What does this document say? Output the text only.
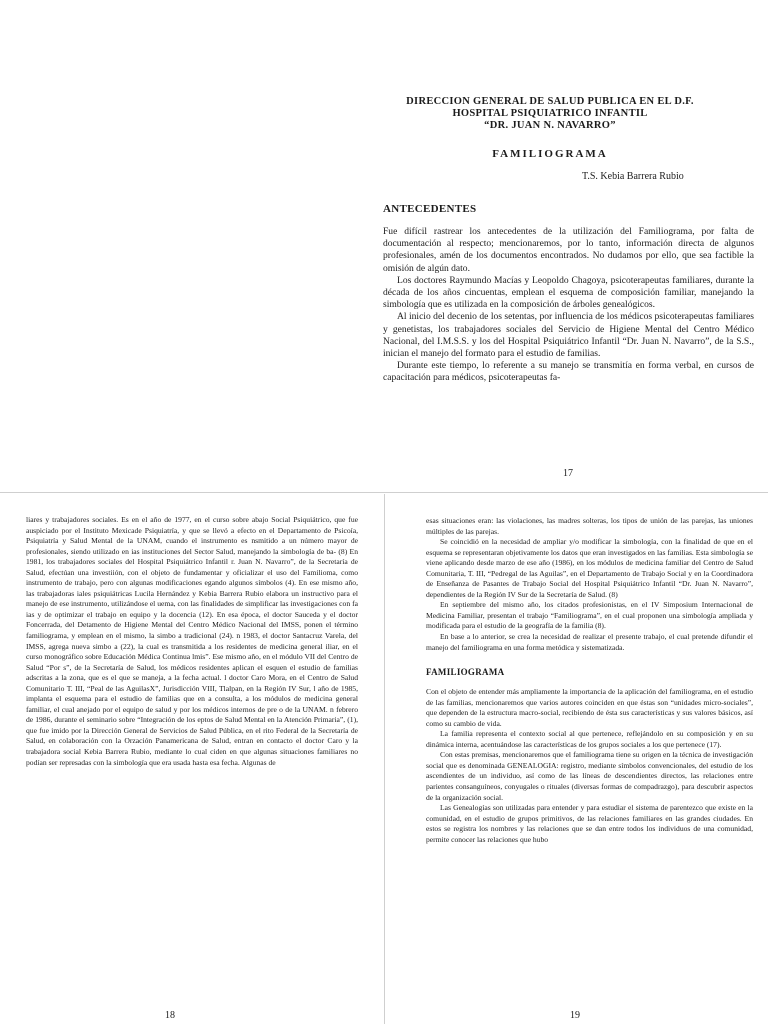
DIRECCION GENERAL DE SALUD PUBLICA EN EL D.F.
HOSPITAL PSIQUIATRICO INFANTIL
“DR. JUAN N. NAVARRO”
FAMILIOGRAMA
T.S. Kebia Barrera Rubio
ANTECEDENTES

Fue difícil rastrear los antecedentes de la utilización del Familiograma, por falta de documentación al respecto; mencionaremos, por lo tanto, información directa de algunos profesionales, amén de los documentos encontrados. No dudamos por ello, que sea factible la omisión de algún dato.

Los doctores Raymundo Macías y Leopoldo Chagoya, psicoterapeutas familiares, durante la década de los años cincuentas, emplean el esquema de composición familiar, manejando la simbología que es utilizada en la composición de árboles genealógicos.

Al inicio del decenio de los setentas, por influencia de los médicos psicoterapeutas familiares y genetistas, los trabajadores sociales del Servicio de Higiene Mental del Centro Médico Nacional, del I.M.S.S. y los del Hospital Psiquiátrico Infantil “Dr. Juan N. Navarro”, de la S.S., inician el manejo del formato para el estudio de familias.

Durante este tiempo, lo referente a su manejo se transmitía en forma verbal, en cursos de capacitación para médicos, psicoterapeutas fa-

17

liares y trabajadores sociales. Es en el año de 1977, en el curso sobre abajo Social Psiquiátrico, que fue auspiciado por el Instituto Mexicade Psiquiatría, y que se llevó a efecto en el Departamento de Psicoía, Psiquiatría y Salud Mental de la UNAM, cuando el instrumento es nsmitido a un número mayor de profesionales, siendo utilizado en ias instituciones del Sector Salud, manejando la simbología de ba- (8) En 1981, los trabajadores sociales del Hospital Psiquiátrico Infantil r. Juan N. Navarro”, de la Secretaría de Salud, efectúan una investiión, con el objeto de fundamentar y oficializar el uso del Familioma, como instrumento de trabajo, pero con algunas modificaciones egando algunos símbolos (4). En ese mismo año, las trabajadoras iales psiquiátricas Lucila Hernández y Kebia Barrera Rubio elabora un instructivo para el manejo de ese instrumento, utilizándose el uema, con las finalidades de simplificar las investigaciones con fa ias y de optimizar el trabajo en equipo y la docencia (12). En esa época, el doctor Sauceda y el doctor Foncerrada, del Detamento de Higiene Mental del Centro Médico Nacional del IMSS, ponen el término familiograma, y emplean en el mismo, la simbo a tradicional (24). n 1983, el doctor Santacruz Varela, del IMSS, agrega nueva simbo a (22), la cual es transmitida a los residentes de medicina general iliar, en el curso monográfico sobre Educación Médica Continua lmis”. Ese mismo año, en el módulo VII del Centro de Salud “Por s”, de la Secretaría de Salud, los médicos residentes aplican el esquen el estudio de familias adscritas a la zona, que es el que se maneja, a la fecha actual. l doctor Caro Mora, en el Centro de Salud Comunitario T. III, “Peal de las AguilasX”, Jurisdicción VIII, Tlalpan, en la Región IV Sur, l año de 1985, implanta el esquema para el estudio de familias que en a consulta, a los módulos de medicina general familiar, el cual anejado por el equipo de salud y por los médicos internos de pre o de la UNAM. n febrero de 1986, durante el seminario sobre “Integración de los eptos de Salud Mental en la Atención Primaria”, (1), que fue imido por la Dirección General de Servicios de Salud Pública, en el rito Federal de la Secretaría de Salud, en colaboración con la Orzación Panamericana de Salud, entran en contacto el doctor Caro y la trabajadora social Kebia Barrera Rubio, mediante lo cual ciden en que algunas situaciones familiares no podían ser represadas con la simbología que era usada hasta esa fecha. Algunas de

18

esas situaciones eran: las violaciones, las madres solteras, los tipos de unión de las parejas, las uniones múltiples de las parejas.

Se coincidió en la necesidad de ampliar y/o modificar la simbología, con la finalidad de que en el esquema se representaran objetivamente los datos que eran investigados en las familias. Esta simbología se viene aplicando desde marzo de ese año (1986), en los módulos de medicina familiar del Centro de Salud Comunitaria, T. III, “Pedregal de las Aguilas”, en el Departamento de Trabajo Social y en la Coordinadora de Enseñanza de Pasantes de Trabajo Social del Hospital Psiquiátrico Infantil “Dr. Juan N. Navarro”, dependientes de la Región IV Sur de la Secretaría de Salud. (8)

En septiembre del mismo año, los citados profesionistas, en el IV Simposium Internacional de Medicina Familiar, presentan el trabajo “Familiograma”, en el cual proponen una simbología ampliada y modificada para el estudio de la geografía de la familia (8).

En base a lo anterior, se crea la necesidad de realizar el presente trabajo, el cual pretende difundir el manejo del familiograma en una forma metódica y sistematizada.

FAMILIOGRAMA

Con el objeto de entender más ampliamente la importancia de la aplicación del familiograma, en el estudio de las familias, mencionaremos que varios autores coinciden en que éstas son “unidades micro-sociales”, que dependen de la estructura macro-social, recibiendo de ésta sus características y sus valores básicos, así como su cambio de vida.

La familia representa el contexto social al que pertenece, reflejándolo en su composición y en su dinámica interna, acentuándose las características de los grupos sociales a los que pertenece (17).

Con estas premisas, mencionaremos que el familiograma tiene su origen en la técnica de investigación social que es denominada GENEALOGIA: registro, mediante símbolos convencionales, del estudio de los ascendientes de un individuo, así como de las líneas de descendientes directos, las relaciones entre parientes consanguíneos, conyugales o rituales (diversas formas de compadrazgo), para descubrir aspectos de la organización social.

Las Genealogías son utilizadas para entender y para estudiar el sistema de parentezco que existe en la comunidad, en el estudio de grupos primitivos, de las relaciones familiares en las grandes ciudades. En estos se registra los nombres y las relaciones que se dan entre todos los individuos de una comunidad, permite conocer las relaciones que hubo

19
